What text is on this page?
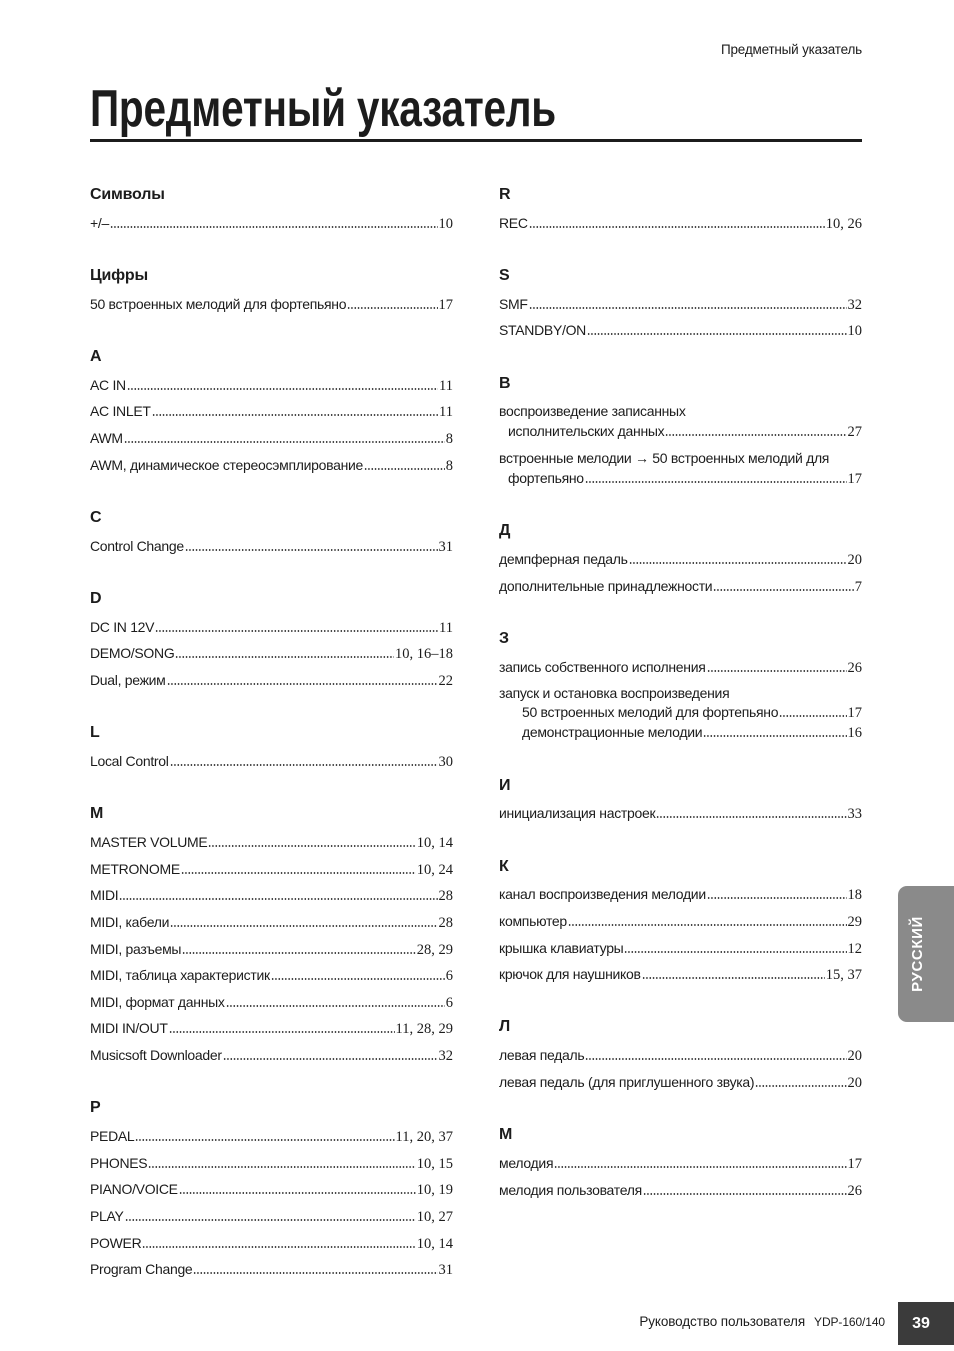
Предметный указатель
Предметный указатель
Символы
+/–	10
Цифры
50 встроенных мелодий для фортепьяно	17
A
AC IN	11
AC INLET	11
AWM	8
AWM, динамическое стереосэмплирование	8
C
Control Change	31
D
DC IN 12V	11
DEMO/SONG	10, 16–18
Dual, режим	22
L
Local Control	30
M
MASTER VOLUME	10, 14
METRONOME	10, 24
MIDI	28
MIDI, кабели	28
MIDI, разъемы	28, 29
MIDI, таблица характеристик	6
MIDI, формат данных	6
MIDI IN/OUT	11, 28, 29
Musicsoft Downloader	32
P
PEDAL	11, 20, 37
PHONES	10, 15
PIANO/VOICE	10, 19
PLAY	10, 27
POWER	10, 14
Program Change	31
R
REC	10, 26
S
SMF	32
STANDBY/ON	10
В
воспроизведение записанных
исполнительских данных	27
встроенные мелодии → 50 встроенных мелодий для
фортепьяно	17
Д
демпферная педаль	20
дополнительные принадлежности	7
З
запись собственного исполнения	26
запуск и остановка воспроизведения
50 встроенных мелодий для фортепьяно	17
демонстрационные мелодии	16
И
инициализация настроек	33
К
канал воспроизведения мелодии	18
компьютер	29
крышка клавиатуры	12
крючок для наушников	15, 37
Л
левая педаль	20
левая педаль (для приглушенного звука)	20
М
мелодия	17
мелодия пользователя	26
РУССКИЙ
Руководство пользователя YDP-160/140	39
